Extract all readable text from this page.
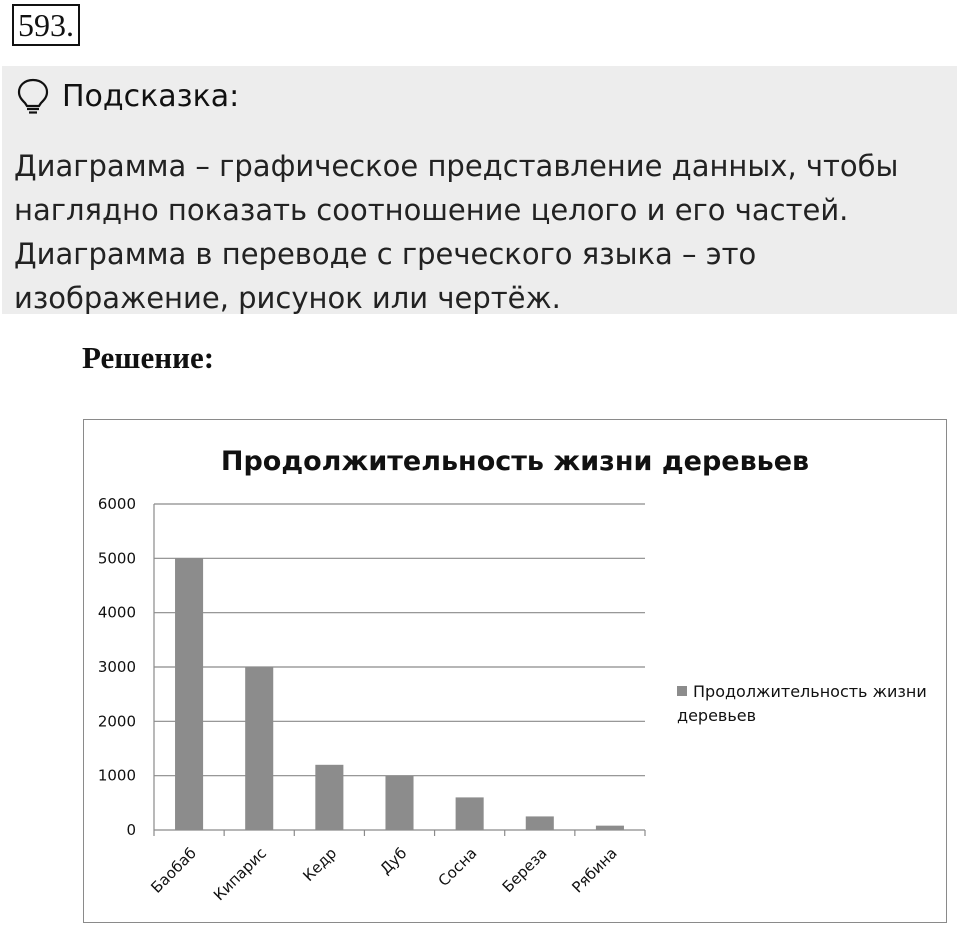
593.
Подсказка:
Диаграмма – графическое представление данных, чтобы
наглядно показать соотношение целого и его частей.
Диаграмма в переводе с греческого языка – это
изображение, рисунок или чертёж.
Решение:
Продолжительность жизни деревьев
0
1000
2000
3000
4000
5000
6000
Баобаб Кипарис Кедр Дуб Сосна Береза Рябина
Продолжительность жизни деревьев
